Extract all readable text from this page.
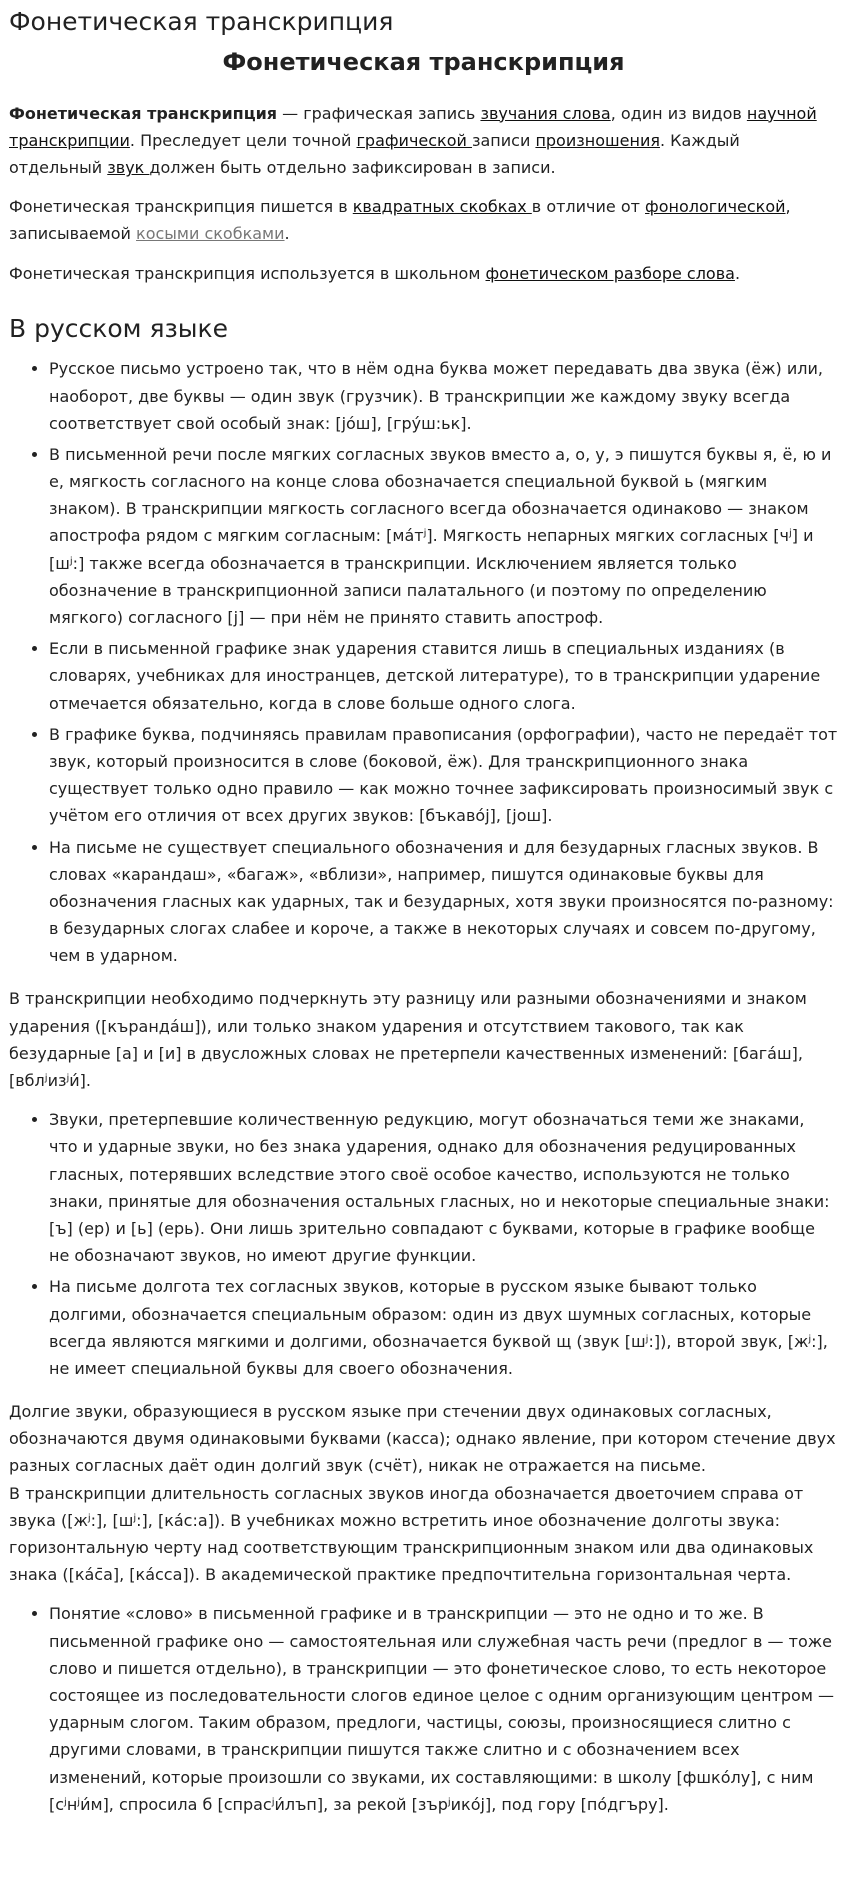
Фонетическая транскрипция
Фонетическая транскрипция

Фонетическая транскрипция — графическая запись звучания слова, один из видов научной транскрипции. Преследует цели точной графической записи произношения. Каждый отдельный звук должен быть отдельно зафиксирован в записи.

Фонетическая транскрипция пишется в квадратных скобках в отличие от фонологической, записываемой косыми скобками.

Фонетическая транскрипция используется в школьном фонетическом разборе слова.

В русском языке
• Русское письмо устроено так, что в нём одна буква может передавать два звука (ёж) или, наоборот, две буквы — один звук (грузчик). В транскрипции же каждому звуку всегда соответствует свой особый знак: [jóш], [гру́ш꞉ьк].
• В письменной речи после мягких согласных звуков вместо а, о, у, э пишутся буквы я, ё, ю и е, мягкость согласного на конце слова обозначается специальной буквой ь (мягким знаком). В транскрипции мягкость согласного всегда обозначается одинаково — знаком апострофа рядом с мягким согласным: [ма́тʲ]. Мягкость непарных мягких согласных [чʲ] и [шʲ꞉] также всегда обозначается в транскрипции. Исключением является только обозначение в транскрипционной записи палатального (и поэтому по определению мягкого) согласного [j] — при нём не принято ставить апостроф.
• Если в письменной графике знак ударения ставится лишь в специальных изданиях (в словарях, учебниках для иностранцев, детской литературе), то в транскрипции ударение отмечается обязательно, когда в слове больше одного слога.
• В графике буква, подчиняясь правилам правописания (орфографии), часто не передаёт тот звук, который произносится в слове (боковой, ёж). Для транскрипционного знака существует только одно правило — как можно точнее зафиксировать произносимый звук с учётом его отличия от всех других звуков: [бъкаво́j], [jош].
• На письме не существует специального обозначения и для безударных гласных звуков. В словах «карандаш», «багаж», «вблизи», например, пишутся одинаковые буквы для обозначения гласных как ударных, так и безударных, хотя звуки произносятся по-разному: в безударных слогах слабее и короче, а также в некоторых случаях и совсем по-другому, чем в ударном.

В транскрипции необходимо подчеркнуть эту разницу или разными обозначениями и знаком ударения ([кърандáш]), или только знаком ударения и отсутствием такового, так как безударные [а] и [и] в двусложных словах не претерпели качественных изменений: [бага́ш], [вблʲизʲи́].

• Звуки, претерпевшие количественную редукцию, могут обозначаться теми же знаками, что и ударные звуки, но без знака ударения, однако для обозначения редуцированных гласных, потерявших вследствие этого своё особое качество, используются не только знаки, принятые для обозначения остальных гласных, но и некоторые специальные знаки: [ъ] (ер) и [ь] (ерь). Они лишь зрительно совпадают с буквами, которые в графике вообще не обозначают звуков, но имеют другие функции.
• На письме долгота тех согласных звуков, которые в русском языке бывают только долгими, обозначается специальным образом: один из двух шумных согласных, которые всегда являются мягкими и долгими, обозначается буквой щ (звук [шʲ꞉]), второй звук, [жʲ꞉], не имеет специальной буквы для своего обозначения.

Долгие звуки, образующиеся в русском языке при стечении двух одинаковых согласных, обозначаются двумя одинаковыми буквами (касса); однако явление, при котором стечение двух разных согласных даёт один долгий звук (счёт), никак не отражается на письме.
В транскрипции длительность согласных звуков иногда обозначается двоеточием справа от звука ([жʲ꞉], [шʲ꞉], [ка́с꞉а]). В учебниках можно встретить иное обозначение долготы звука: горизонтальную черту над соответствующим транскрипционным знаком или два одинаковых знака ([ка́с̄а], [ка́сса]). В академической практике предпочтительна горизонтальная черта.

• Понятие «слово» в письменной графике и в транскрипции — это не одно и то же. В письменной графике оно — самостоятельная или служебная часть речи (предлог в — тоже слово и пишется отдельно), в транскрипции — это фонетическое слово, то есть некоторое состоящее из последовательности слогов единое целое с одним организующим центром — ударным слогом. Таким образом, предлоги, частицы, союзы, произносящиеся слитно с другими словами, в транскрипции пишутся также слитно и с обозначением всех изменений, которые произошли со звуками, их составляющими: в школу [фшко́лу], с ним [сʲнʲи́м], спросила б [спрасʲи́лъп], за рекой [зърʲико́j], под гору [по́дгъру].
